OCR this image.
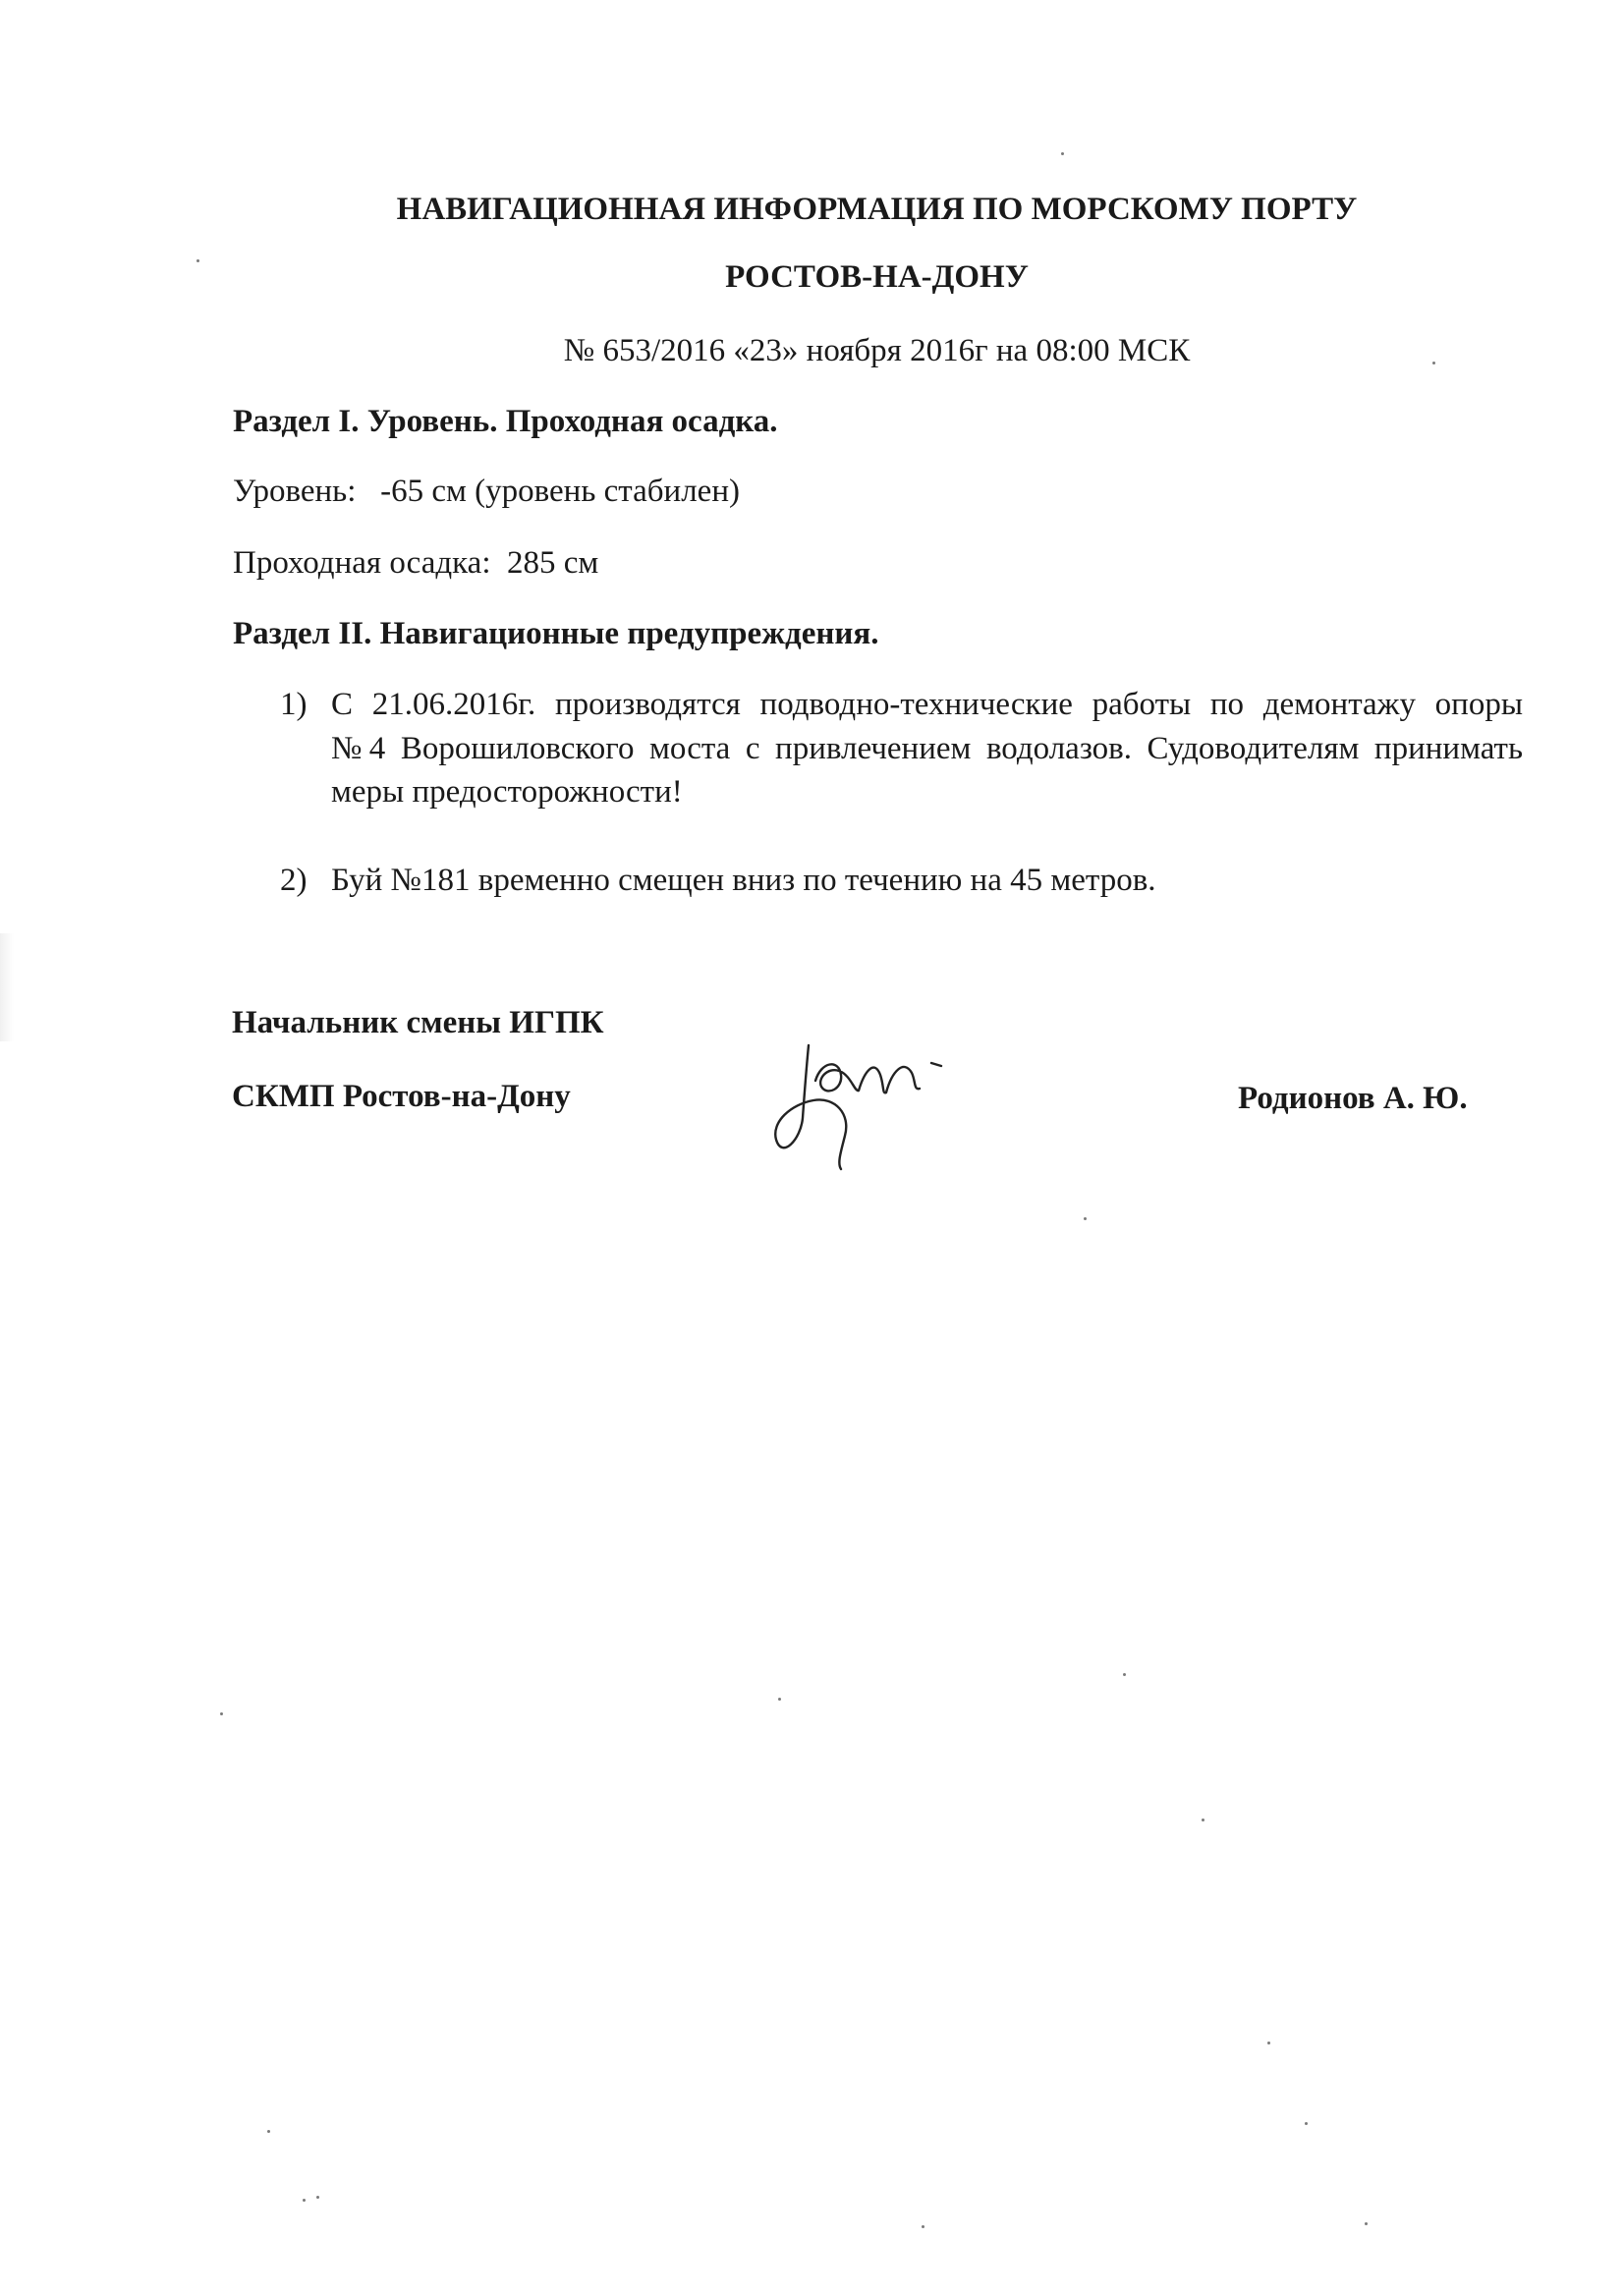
НАВИГАЦИОННАЯ ИНФОРМАЦИЯ ПО МОРСКОМУ ПОРТУ
РОСТОВ-НА-ДОНУ
№ 653/2016 «23» ноября 2016г на 08:00 МСК
Раздел I. Уровень. Проходная осадка.
Уровень:   -65 см (уровень стабилен)
Проходная осадка:  285 см
Раздел II. Навигационные предупреждения.
1) С 21.06.2016г. производятся подводно-технические работы по демонтажу опоры
№4 Ворошиловского моста с привлечением водолазов. Судоводителям принимать
меры предосторожности!
2) Буй №181 временно смещен вниз по течению на 45 метров.
Начальник смены ИГПК
СКМП Ростов-на-Дону	Родионов А. Ю.
